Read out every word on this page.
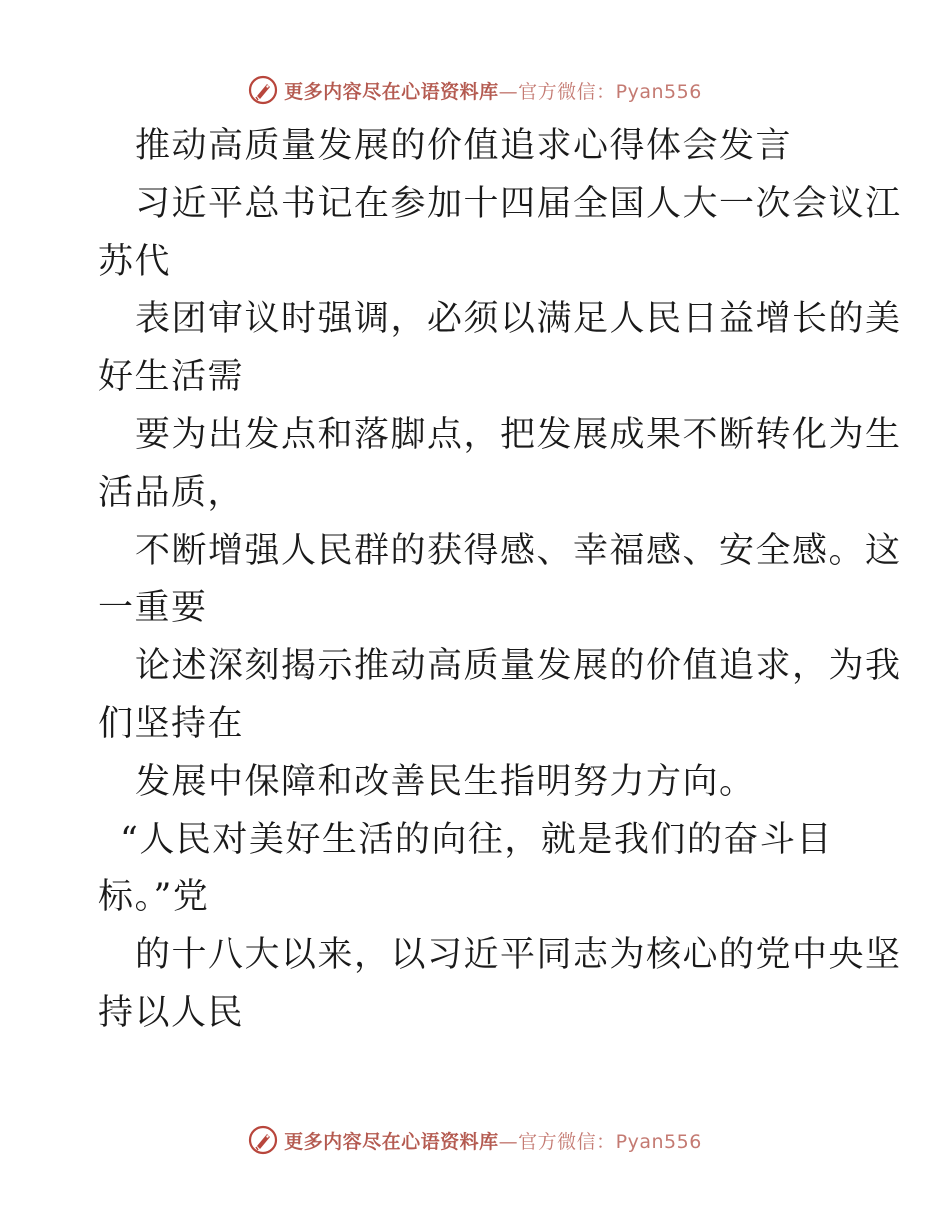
更多内容尽在心语资料库—官方微信：Pyan556
推动高质量发展的价值追求心得体会发言
习近平总书记在参加十四届全国人大一次会议江
苏代
表团审议时强调，必须以满足人民日益增长的美
好生活需
要为出发点和落脚点，把发展成果不断转化为生
活品质，
不断增强人民群的获得感、幸福感、安全感。这
一重要
论述深刻揭示推动高质量发展的价值追求，为我
们坚持在
发展中保障和改善民生指明努力方向。
“人民对美好生活的向往，就是我们的奋斗目
标。”党
的十八大以来，以习近平同志为核心的党中央坚
持以人民
更多内容尽在心语资料库—官方微信：Pyan556
